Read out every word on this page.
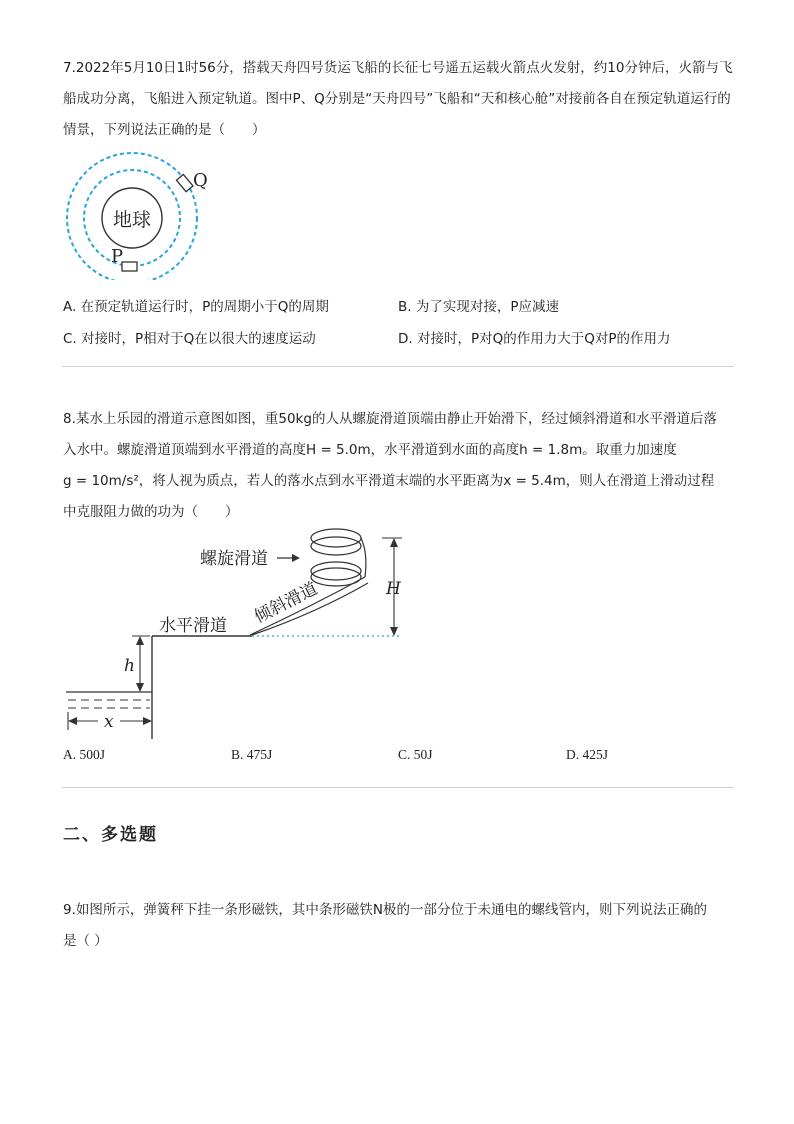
7.2022年5月10日1时56分，搭载天舟四号货运飞船的长征七号遥五运载火箭点火发射，约10分钟后，火箭与飞船成功分离，飞船进入预定轨道。图中P、Q分别是“天舟四号”飞船和“天和核心舱”对接前各自在预定轨道运行的情景，下列说法正确的是（　　）

地球
Q
P
A. 在预定轨道运行时，P的周期小于Q的周期	B. 为了实现对接，P应减速
C. 对接时，P相对于Q在以很大的速度运动	D. 对接时，P对Q的作用力大于Q对P的作用力

8.某水上乐园的滑道示意图如图，重50kg的人从螺旋滑道顶端由静止开始滑下，经过倾斜滑道和水平滑道后落

入水中。螺旋滑道顶端到水平滑道的高度H = 5.0m，水平滑道到水面的高度h = 1.8m。取重力加速度

g = 10m/s²，将人视为质点，若人的落水点到水平滑道末端的水平距离为x = 5.4m，则人在滑道上滑动过程

中克服阻力做的功为（　　）

倾斜滑道
螺旋滑道
水平滑道
H
h
x
A. 500J	B. 475J	C. 50J	D. 425J
二、多选题

9.如图所示，弹簧秤下挂一条形磁铁，其中条形磁铁N极的一部分位于未通电的螺线管内，则下列说法正确的

是（ ）
